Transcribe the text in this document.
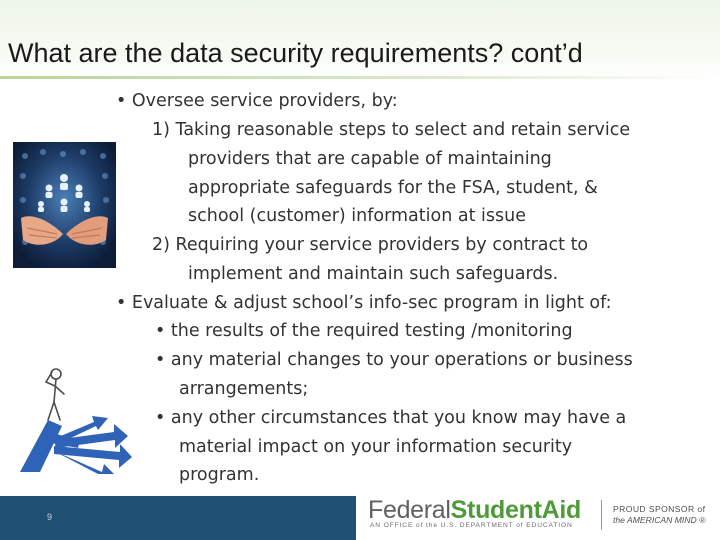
What are the data security requirements? cont’d
• Oversee service providers, by:
1) Taking reasonable steps to select and retain service
providers that are capable of maintaining
appropriate safeguards for the FSA, student, &
school (customer) information at issue
2) Requiring your service providers by contract to
implement and maintain such safeguards.
• Evaluate & adjust school’s info-sec program in light of:
• the results of the required testing /monitoring
• any material changes to your operations or business
arrangements;
• any other circumstances that you know may have a
material impact on your information security
program.
9	FederalStudentAid
AN OFFICE of the U.S. DEPARTMENT of EDUCATION
PROUD SPONSOR of
the AMERICAN MIND ®
